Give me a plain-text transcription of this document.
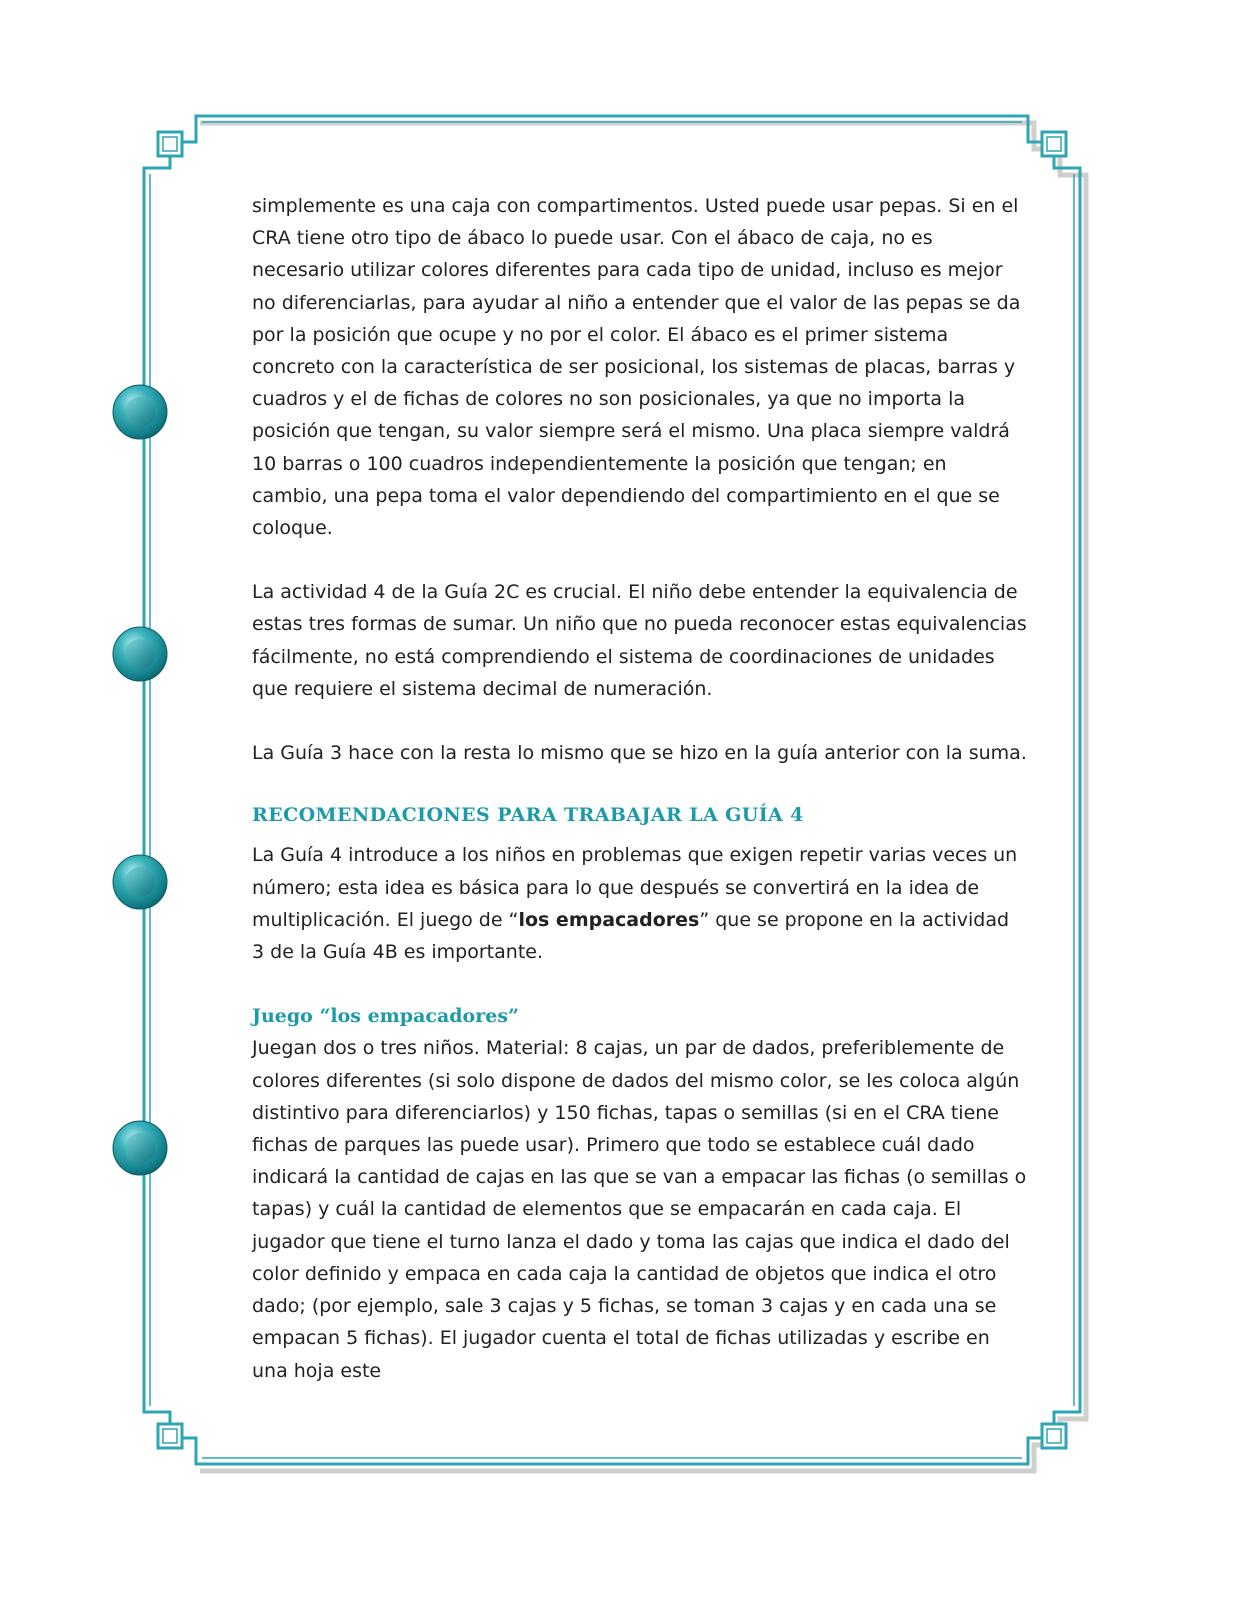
simplemente es una caja con compartimentos. Usted puede usar pepas. Si en el CRA tiene otro tipo de ábaco lo puede usar. Con el ábaco de caja, no es necesario utilizar colores diferentes para cada tipo de unidad, incluso es mejor no diferenciarlas, para ayudar al niño a entender que el valor de las pepas se da por la posición que ocupe y no por el color. El ábaco es el primer sistema concreto con la característica de ser posicional, los sistemas de placas, barras y cuadros y el de fichas de colores no son posicionales, ya que no importa la posición que tengan, su valor siempre será el mismo. Una placa siempre valdrá 10 barras o 100 cuadros independientemente la posición que tengan; en cambio, una pepa toma el valor dependiendo del compartimiento en el que se coloque.

La actividad 4 de la Guía 2C es crucial. El niño debe entender la equivalencia de estas tres formas de sumar. Un niño que no pueda reconocer estas equivalencias fácilmente, no está comprendiendo el sistema de coordinaciones de unidades que requiere el sistema decimal de numeración.

La Guía 3 hace con la resta lo mismo que se hizo en la guía anterior con la suma.

RECOMENDACIONES PARA TRABAJAR LA GUÍA 4

La Guía 4 introduce a los niños en problemas que exigen repetir varias veces un número; esta idea es básica para lo que después se convertirá en la idea de multiplicación. El juego de “los empacadores” que se propone en la actividad 3 de la Guía 4B es importante.

Juego “los empacadores”

Juegan dos o tres niños. Material: 8 cajas, un par de dados, preferiblemente de colores diferentes (si solo dispone de dados del mismo color, se les coloca algún distintivo para diferenciarlos) y 150 fichas, tapas o semillas (si en el CRA tiene fichas de parques las puede usar). Primero que todo se establece cuál dado indicará la cantidad de cajas en las que se van a empacar las fichas (o semillas o tapas) y cuál la cantidad de elementos que se empacarán en cada caja. El jugador que tiene el turno lanza el dado y toma las cajas que indica el dado del color definido y empaca en cada caja la cantidad de objetos que indica el otro dado; (por ejemplo, sale 3 cajas y 5 fichas, se toman 3 cajas y en cada una se empacan 5 fichas). El jugador cuenta el total de fichas utilizadas y escribe en una hoja este
